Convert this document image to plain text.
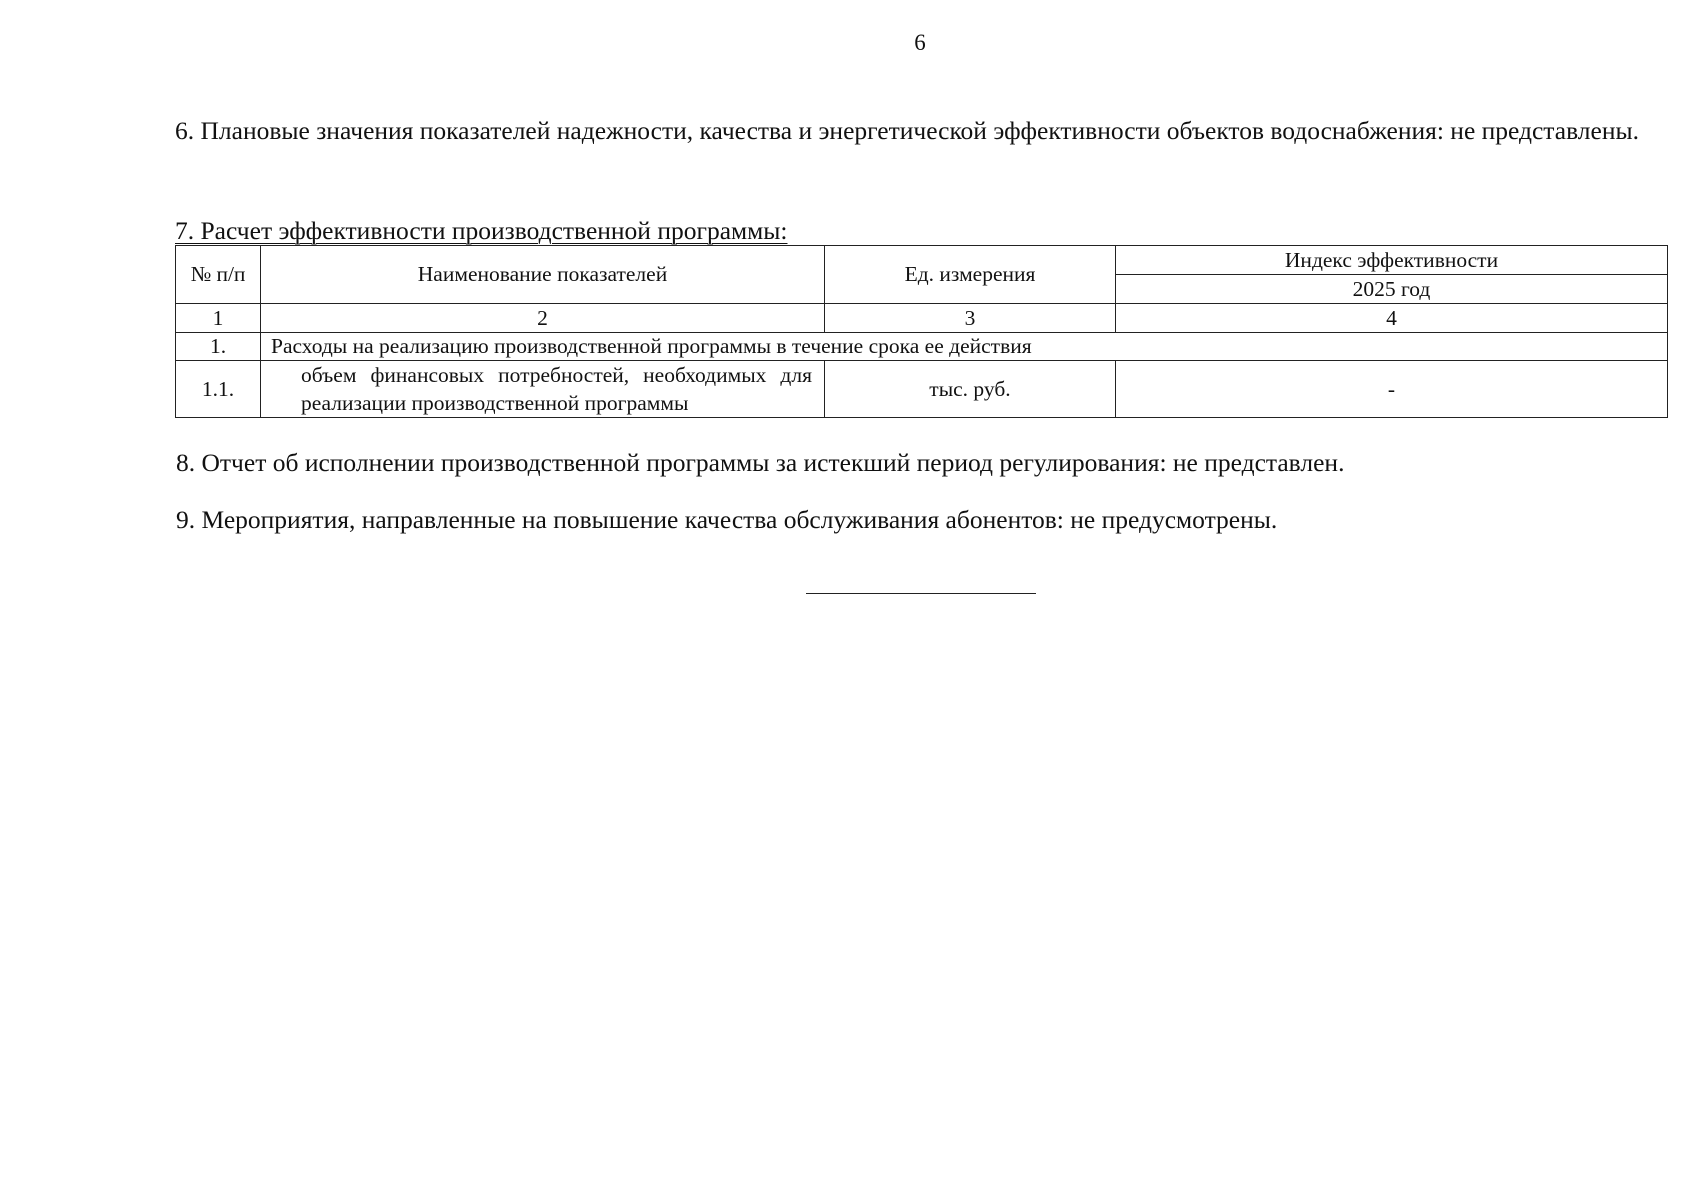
6
6. Плановые значения показателей надежности, качества и энергетической эффективности объектов водоснабжения: не представлены.
7. Расчет эффективности производственной программы:
№ п/п	Наименование показателей	Ед. измерения	Индекс эффективности
			2025 год
1	2	3	4
1.	Расходы на реализацию производственной программы в течение срока ее действия		
1.1.	объем финансовых потребностей, необходимых для реализации производственной программы	тыс. руб.	-
8. Отчет об исполнении производственной программы за истекший период регулирования: не представлен.
9. Мероприятия, направленные на повышение качества обслуживания абонентов: не предусмотрены.
